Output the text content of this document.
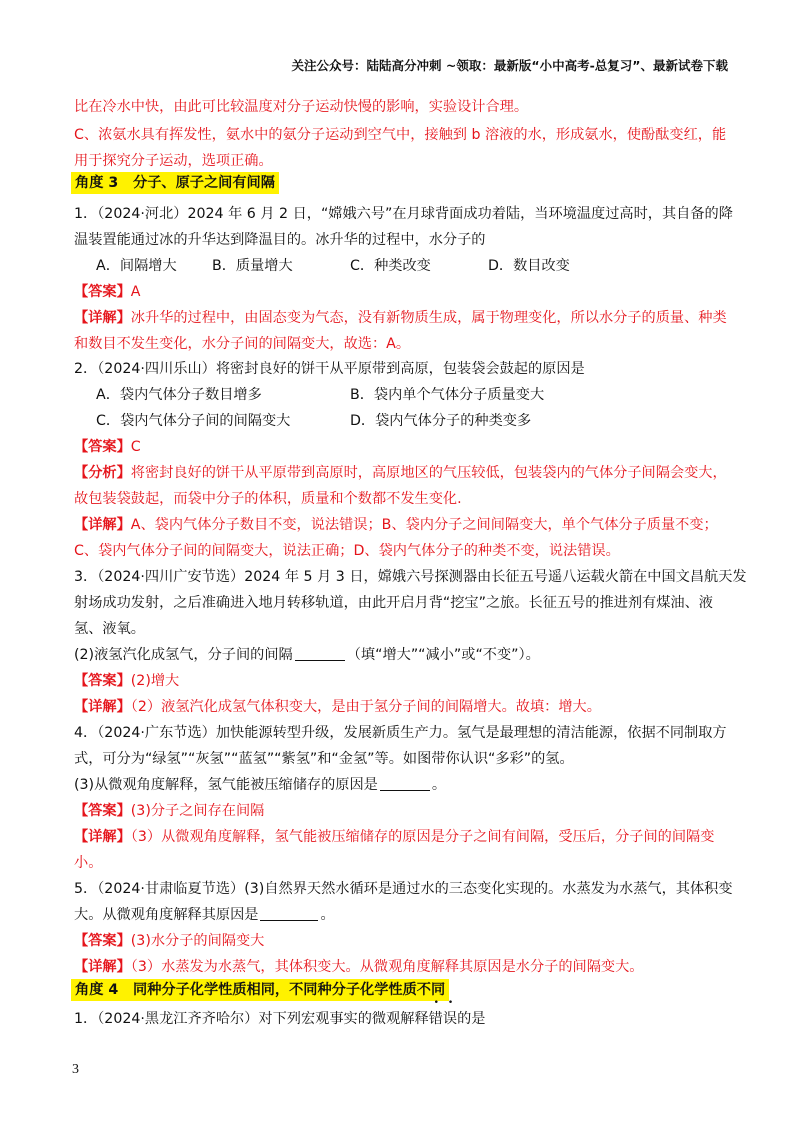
关注公众号：陆陆高分冲刺 ~领取：最新版“小中高考-总复习”、最新试卷下载
比在冷水中快，由此可比较温度对分子运动快慢的影响，实验设计合理。
C、浓氨水具有挥发性，氨水中的氨分子运动到空气中，接触到 b 溶液的水，形成氨水，使酚酞变红，能
用于探究分子运动，选项正确。
角度 3 分子、原子之间有间隔
1．（2024·河北）2024 年 6 月 2 日，“嫦娥六号”在月球背面成功着陆，当环境温度过高时，其自备的降
温装置能通过冰的升华达到降温目的。冰升华的过程中，水分子的
A．间隔增大 B．质量增大	C．种类改变	D．数目改变
【答案】A
【详解】冰升华的过程中，由固态变为气态，没有新物质生成，属于物理变化，所以水分子的质量、种类
和数目不发生变化，水分子间的间隔变大，故选：A。
2．（2024·四川乐山）将密封良好的饼干从平原带到高原，包装袋会鼓起的原因是
A．袋内气体分子数目增多	B．袋内单个气体分子质量变大
C．袋内气体分子间的间隔变大	D．袋内气体分子的种类变多
【答案】C
【分析】将密封良好的饼干从平原带到高原时，高原地区的气压较低，包装袋内的气体分子间隔会变大，
故包装袋鼓起，而袋中分子的体积，质量和个数都不发生变化.
【详解】A、袋内气体分子数目不变，说法错误；B、袋内分子之间间隔变大，单个气体分子质量不变；
C、袋内气体分子间的间隔变大，说法正确；D、袋内气体分子的种类不变，说法错误。
3．（2024·四川广安节选）2024 年 5 月 3 日，嫦娥六号探测器由长征五号遥八运载火箭在中国文昌航天发
射场成功发射，之后准确进入地月转移轨道，由此开启月背“挖宝”之旅。长征五号的推进剂有煤油、液
氢、液氧。
(2)液氢汽化成氢气，分子间的间隔	（填“增大”“减小”或“不变”）。
【答案】(2)增大
【详解】（2）液氢汽化成氢气体积变大，是由于氢分子间的间隔增大。故填：增大。
4．（2024·广东节选）加快能源转型升级，发展新质生产力。氢气是最理想的清洁能源，依据不同制取方
式，可分为“绿氢”“灰氢”“蓝氢”“紫氢”和“金氢”等。如图带你认识“多彩”的氢。
(3)从微观角度解释，氢气能被压缩储存的原因是	。
【答案】(3)分子之间存在间隔
【详解】（3）从微观角度解释，氢气能被压缩储存的原因是分子之间有间隔，受压后，分子间的间隔变
小。
5．（2024·甘肃临夏节选）(3)自然界天然水循环是通过水的三态变化实现的。水蒸发为水蒸气，其体积变
大。从微观角度解释其原因是	。
【答案】(3)水分子的间隔变大
【详解】（3）水蒸发为水蒸气，其体积变大。从微观角度解释其原因是水分子的间隔变大。
角度 4 同种分子化学性质相同，不同种分子化学性质不同
1．（2024·黑龙江齐齐哈尔）对下列宏观事实的微观解释错误的是
3
